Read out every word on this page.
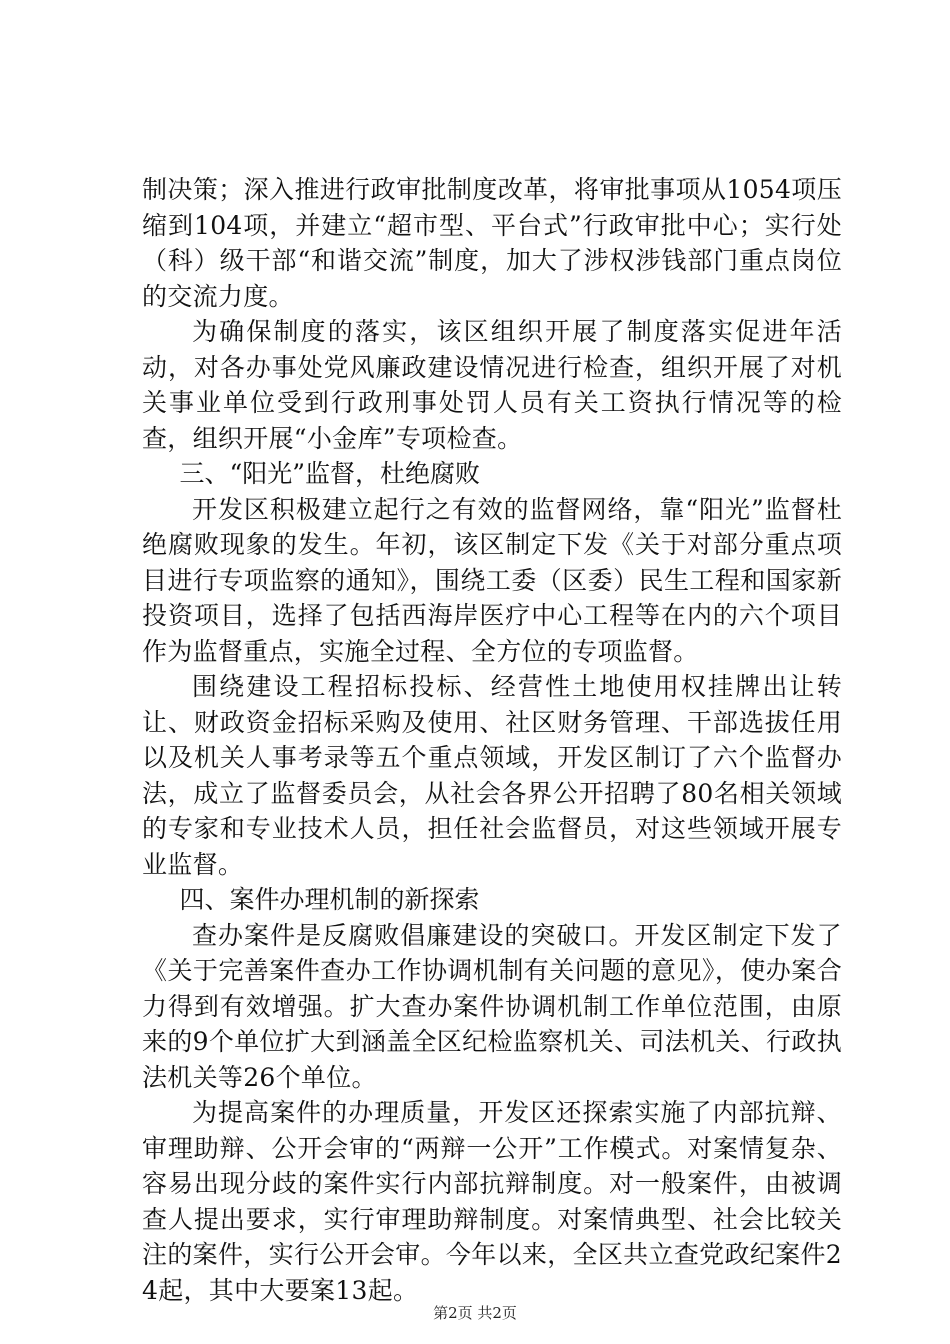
制决策；深入推进行政审批制度改革，将审批事项从1054项压缩到104项，并建立“超市型、平台式”行政审批中心；实行处（科）级干部“和谐交流”制度，加大了涉权涉钱部门重点岗位的交流力度。

为确保制度的落实，该区组织开展了制度落实促进年活动，对各办事处党风廉政建设情况进行检查，组织开展了对机关事业单位受到行政刑事处罚人员有关工资执行情况等的检查，组织开展“小金库”专项检查。

三、“阳光”监督，杜绝腐败

开发区积极建立起行之有效的监督网络，靠“阳光”监督杜绝腐败现象的发生。年初，该区制定下发《关于对部分重点项目进行专项监察的通知》，围绕工委（区委）民生工程和国家新投资项目，选择了包括西海岸医疗中心工程等在内的六个项目作为监督重点，实施全过程、全方位的专项监督。

围绕建设工程招标投标、经营性土地使用权挂牌出让转让、财政资金招标采购及使用、社区财务管理、干部选拔任用以及机关人事考录等五个重点领域，开发区制订了六个监督办法，成立了监督委员会，从社会各界公开招聘了80名相关领域的专家和专业技术人员，担任社会监督员，对这些领域开展专业监督。

四、案件办理机制的新探索

查办案件是反腐败倡廉建设的突破口。开发区制定下发了《关于完善案件查办工作协调机制有关问题的意见》，使办案合力得到有效增强。扩大查办案件协调机制工作单位范围，由原来的9个单位扩大到涵盖全区纪检监察机关、司法机关、行政执法机关等26个单位。

为提高案件的办理质量，开发区还探索实施了内部抗辩、审理助辩、公开会审的“两辩一公开”工作模式。对案情复杂、容易出现分歧的案件实行内部抗辩制度。对一般案件，由被调查人提出要求，实行审理助辩制度。对案情典型、社会比较关注的案件，实行公开会审。今年以来，全区共立查党政纪案件24起，其中大要案13起。

第2页 共2页
